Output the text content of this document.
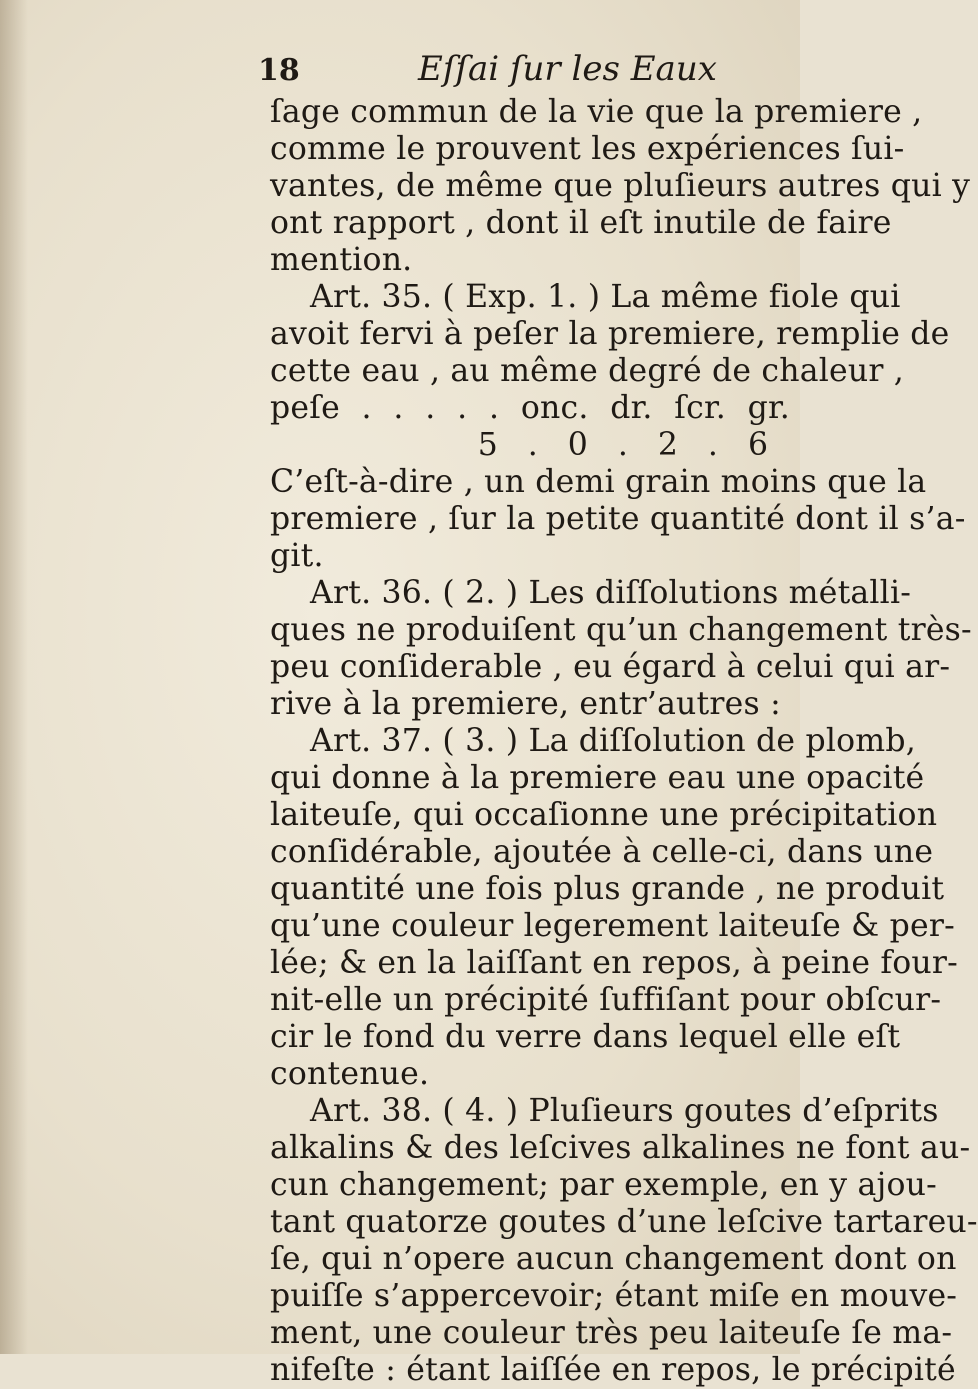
18	Eſſai ſur les Eaux
ſage commun de la vie que la premiere ,
comme le prouvent les expériences ſui-
vantes, de même que pluſieurs autres qui y
ont rapport , dont il eſt inutile de faire
mention.
Art. 35. ( Exp. 1. ) La même fiole qui
avoit fervi à peſer la premiere, remplie de
cette eau , au même degré de chaleur ,
peſe . . . . . onc. dr. ſcr. gr.
5 . 0 . 2 . 6
C’eſt-à-dire , un demi grain moins que la
premiere , ſur la petite quantité dont il s’a-
git.
Art. 36. ( 2. ) Les diſſolutions métalli-
ques ne produiſent qu’un changement très-
peu conſiderable , eu égard à celui qui ar-
rive à la premiere, entr’autres :
Art. 37. ( 3. ) La diſſolution de plomb,
qui donne à la premiere eau une opacité
laiteuſe, qui occaſionne une précipitation
conſidérable, ajoutée à celle-ci, dans une
quantité une fois plus grande , ne produit
qu’une couleur legerement laiteuſe & per-
lée; & en la laiſſant en repos, à peine four-
nit-elle un précipité ſuffiſant pour obſcur-
cir le fond du verre dans lequel elle eſt
contenue.
Art. 38. ( 4. ) Pluſieurs goutes d’eſprits
alkalins & des leſcives alkalines ne font au-
cun changement; par exemple, en y ajou-
tant quatorze goutes d’une leſcive tartareu-
ſe, qui n’opere aucun changement dont on
puiſſe s’appercevoir; étant miſe en mouve-
ment, une couleur très peu laiteuſe ſe ma-
nifeſte : étant laiſſée en repos, le précipité
